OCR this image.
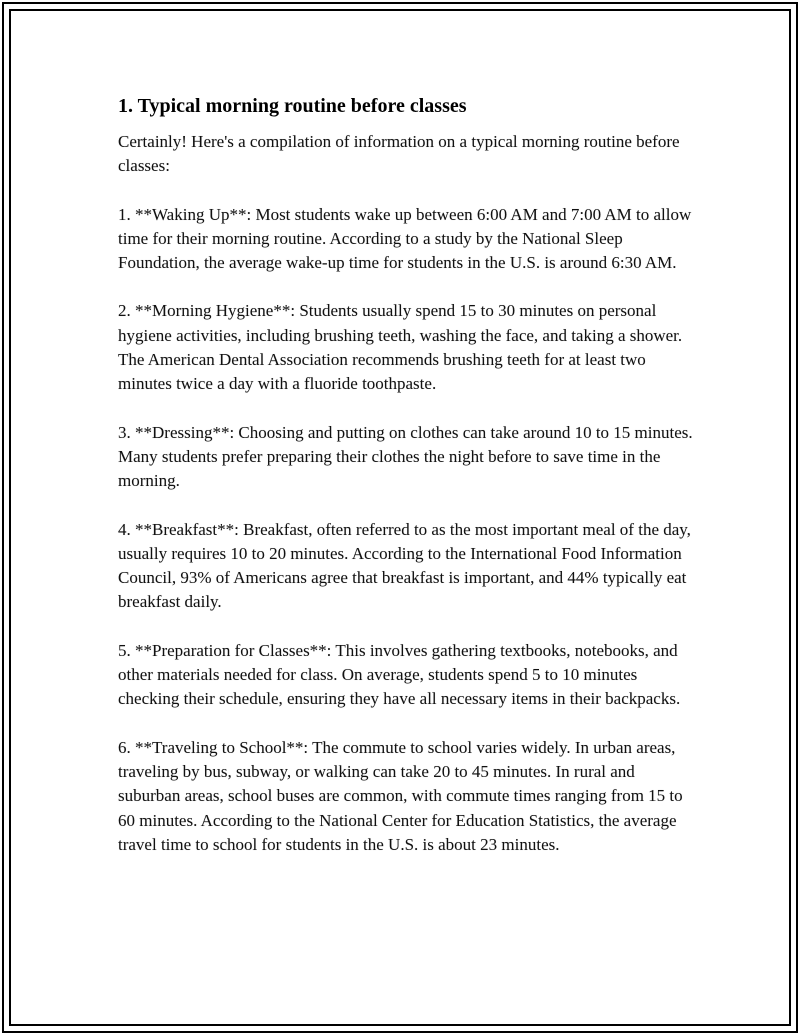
1. Typical morning routine before classes

Certainly! Here's a compilation of information on a typical morning routine before classes:

1. **Waking Up**: Most students wake up between 6:00 AM and 7:00 AM to allow time for their morning routine. According to a study by the National Sleep Foundation, the average wake-up time for students in the U.S. is around 6:30 AM.

2. **Morning Hygiene**: Students usually spend 15 to 30 minutes on personal hygiene activities, including brushing teeth, washing the face, and taking a shower. The American Dental Association recommends brushing teeth for at least two minutes twice a day with a fluoride toothpaste.

3. **Dressing**: Choosing and putting on clothes can take around 10 to 15 minutes. Many students prefer preparing their clothes the night before to save time in the morning.

4. **Breakfast**: Breakfast, often referred to as the most important meal of the day, usually requires 10 to 20 minutes. According to the International Food Information Council, 93% of Americans agree that breakfast is important, and 44% typically eat breakfast daily.

5. **Preparation for Classes**: This involves gathering textbooks, notebooks, and other materials needed for class. On average, students spend 5 to 10 minutes checking their schedule, ensuring they have all necessary items in their backpacks.

6. **Traveling to School**: The commute to school varies widely. In urban areas, traveling by bus, subway, or walking can take 20 to 45 minutes. In rural and suburban areas, school buses are common, with commute times ranging from 15 to 60 minutes. According to the National Center for Education Statistics, the average travel time to school for students in the U.S. is about 23 minutes.
